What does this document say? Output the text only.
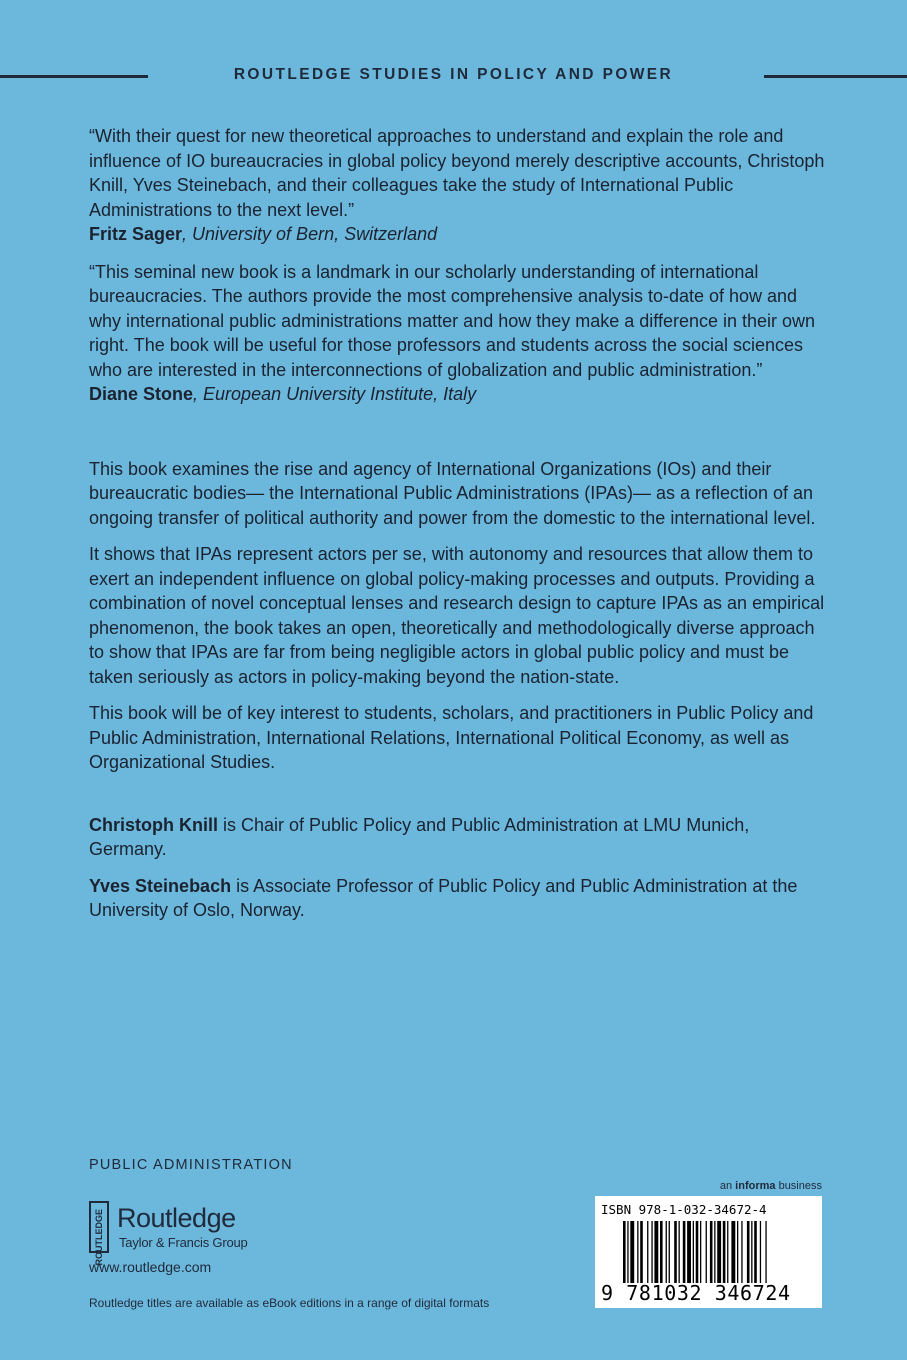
ROUTLEDGE STUDIES IN POLICY AND POWER

“With their quest for new theoretical approaches to understand and explain the role and influence of IO bureaucracies in global policy beyond merely descriptive accounts, Christoph Knill, Yves Steinebach, and their colleagues take the study of International Public Administrations to the next level.”

Fritz Sager, University of Bern, Switzerland

“This seminal new book is a landmark in our scholarly understanding of international bureaucracies. The authors provide the most comprehensive analysis to-date of how and why international public administrations matter and how they make a difference in their own right. The book will be useful for those professors and students across the social sciences who are interested in the interconnections of globalization and public administration.”

Diane Stone, European University Institute, Italy

This book examines the rise and agency of International Organizations (IOs) and their bureaucratic bodies— the International Public Administrations (IPAs)— as a reflection of an ongoing transfer of political authority and power from the domestic to the international level.

It shows that IPAs represent actors per se, with autonomy and resources that allow them to exert an independent influence on global policy-making processes and outputs. Providing a combination of novel conceptual lenses and research design to capture IPAs as an empirical phenomenon, the book takes an open, theoretically and methodologically diverse approach to show that IPAs are far from being negligible actors in global public policy and must be taken seriously as actors in policy-making beyond the nation-state.

This book will be of key interest to students, scholars, and practitioners in Public Policy and Public Administration, International Relations, International Political Economy, as well as Organizational Studies.

Christoph Knill is Chair of Public Policy and Public Administration at LMU Munich, Germany.

Yves Steinebach is Associate Professor of Public Policy and Public Administration at the University of Oslo, Norway.

PUBLIC ADMINISTRATION
ROUTLEDGE Routledge
Taylor & Francis Group
www.routledge.com
Routledge titles are available as eBook editions in a range of digital formats
an informa business
ISBN 978-1-032-34672-4
9 781032 346724
